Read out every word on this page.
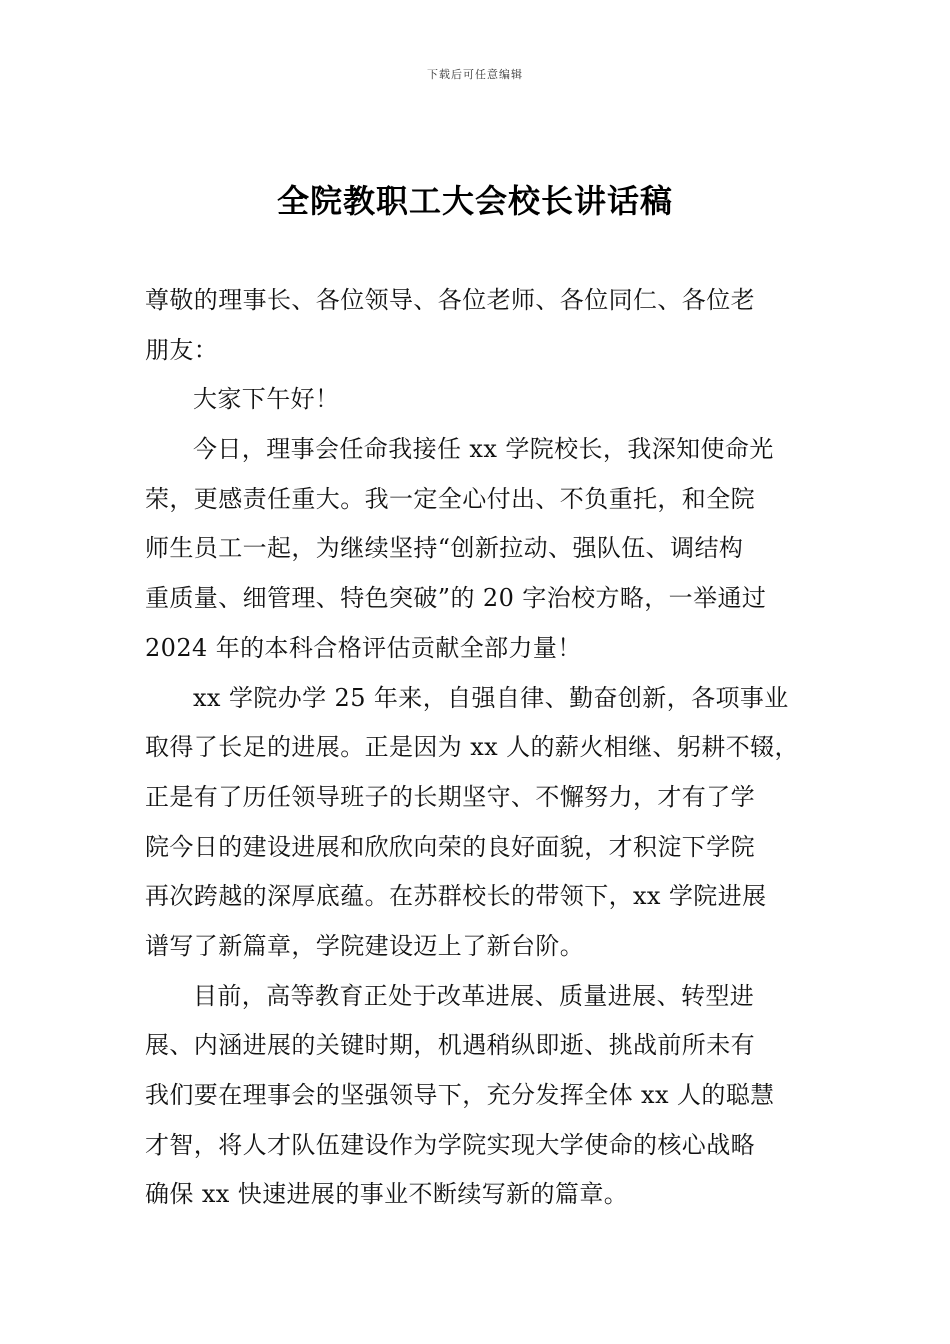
下载后可任意编辑
全院教职工大会校长讲话稿
尊敬的理事长、各位领导、各位老师、各位同仁、各位老
朋友：
大家下午好！
今日，理事会任命我接任 xx 学院校长，我深知使命光
荣，更感责任重大。我一定全心付出、不负重托，和全院
师生员工一起，为继续坚持“创新拉动、强队伍、调结构
重质量、细管理、特色突破”的 20 字治校方略，一举通过
2024 年的本科合格评估贡献全部力量！
xx 学院办学 25 年来，自强自律、勤奋创新，各项事业
取得了长足的进展。正是因为 xx 人的薪火相继、躬耕不辍，
正是有了历任领导班子的长期坚守、不懈努力，才有了学
院今日的建设进展和欣欣向荣的良好面貌，才积淀下学院
再次跨越的深厚底蕴。在苏群校长的带领下，xx 学院进展
谱写了新篇章，学院建设迈上了新台阶。
目前，高等教育正处于改革进展、质量进展、转型进
展、内涵进展的关键时期，机遇稍纵即逝、挑战前所未有
我们要在理事会的坚强领导下，充分发挥全体 xx 人的聪慧
才智，将人才队伍建设作为学院实现大学使命的核心战略
确保 xx 快速进展的事业不断续写新的篇章。
